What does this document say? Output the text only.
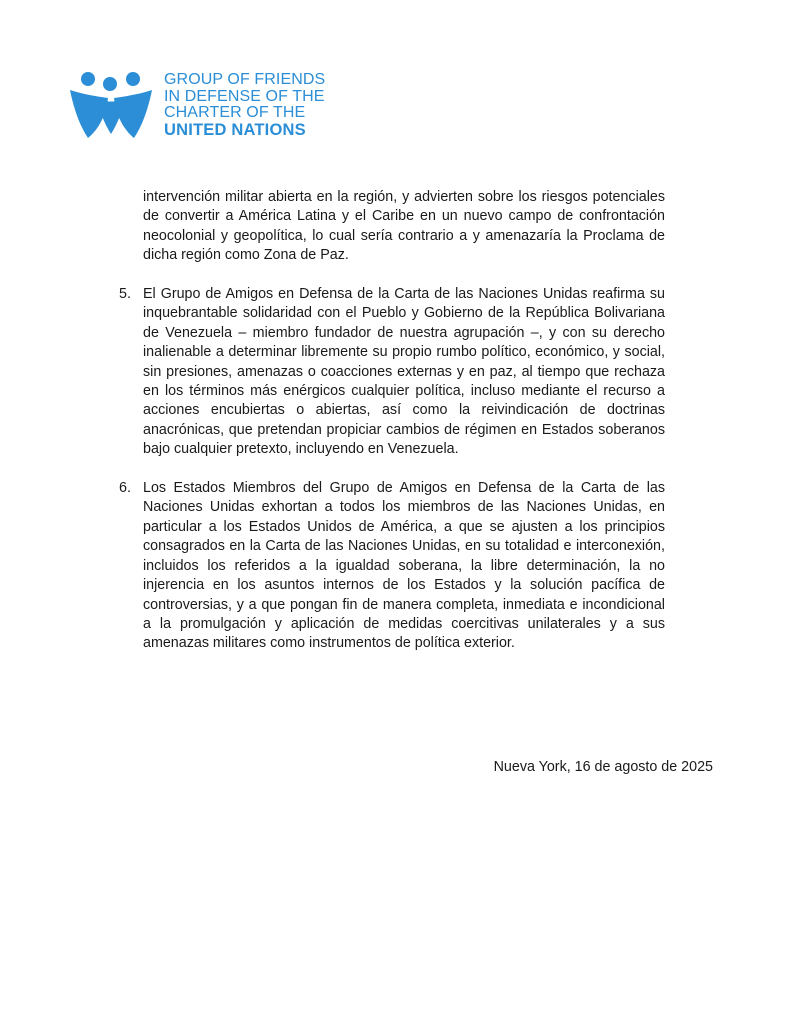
GROUP OF FRIENDS
IN DEFENSE OF THE
CHARTER OF THE
UNITED NATIONS

intervención militar abierta en la región, y advierten sobre los riesgos potenciales de convertir a América Latina y el Caribe en un nuevo campo de confrontación neocolonial y geopolítica, lo cual sería contrario a y amenazaría la Proclama de dicha región como Zona de Paz.

5. El Grupo de Amigos en Defensa de la Carta de las Naciones Unidas reafirma su inquebrantable solidaridad con el Pueblo y Gobierno de la República Bolivariana de Venezuela – miembro fundador de nuestra agrupación –, y con su derecho inalienable a determinar libremente su propio rumbo político, económico, y social, sin presiones, amenazas o coacciones externas y en paz, al tiempo que rechaza en los términos más enérgicos cualquier política, incluso mediante el recurso a acciones encubiertas o abiertas, así como la reivindicación de doctrinas anacrónicas, que pretendan propiciar cambios de régimen en Estados soberanos bajo cualquier pretexto, incluyendo en Venezuela.

6. Los Estados Miembros del Grupo de Amigos en Defensa de la Carta de las Naciones Unidas exhortan a todos los miembros de las Naciones Unidas, en particular a los Estados Unidos de América, a que se ajusten a los principios consagrados en la Carta de las Naciones Unidas, en su totalidad e interconexión, incluidos los referidos a la igualdad soberana, la libre determinación, la no injerencia en los asuntos internos de los Estados y la solución pacífica de controversias, y a que pongan fin de manera completa, inmediata e incondicional a la promulgación y aplicación de medidas coercitivas unilaterales y a sus amenazas militares como instrumentos de política exterior.

Nueva York, 16 de agosto de 2025
